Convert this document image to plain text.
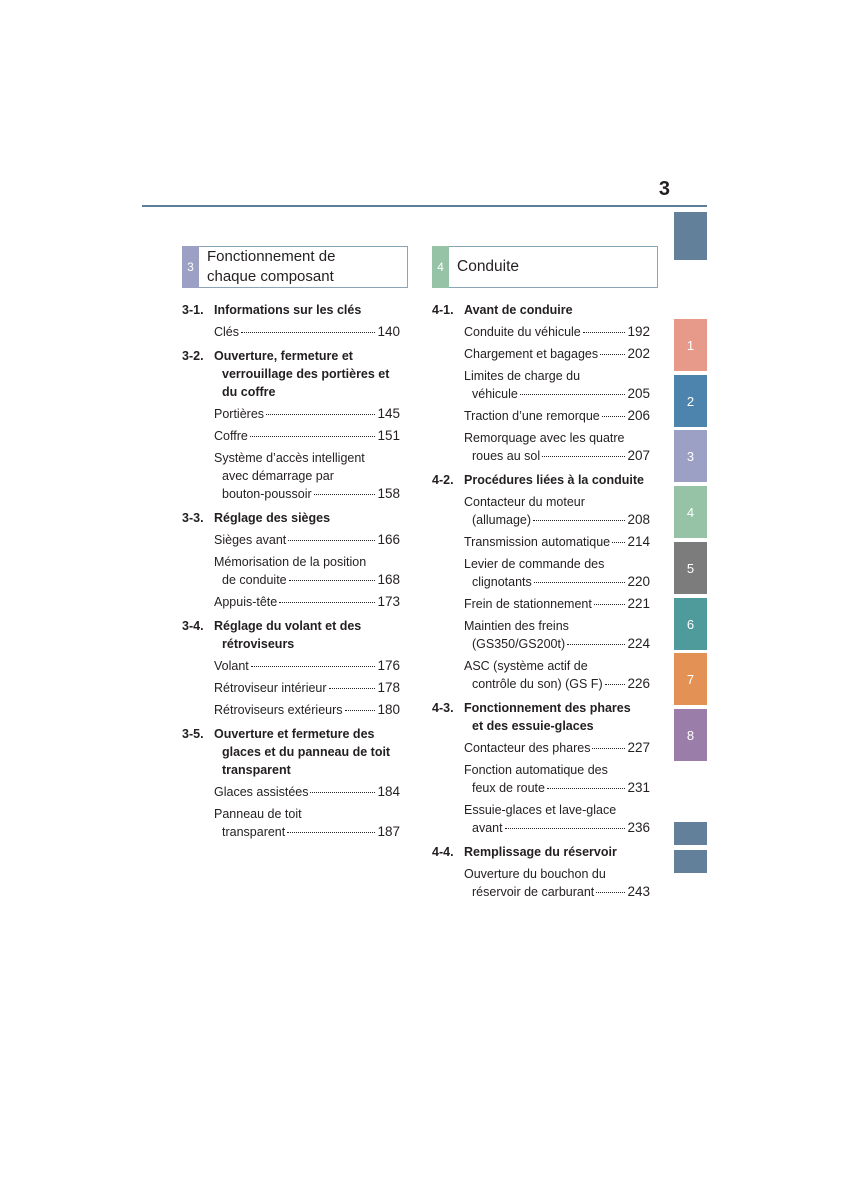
3
1
2
3
4
5
6
7
8
3
Fonctionnement de
chaque composant
4 Conduite
3-1. Informations sur les clés
Clés	140
3-2. Ouverture, fermeture et
verrouillage des portières et
du coffre
Portières	145
Coffre	151
Système d’accès intelligent
avec démarrage par
bouton-poussoir	158
3-3. Réglage des sièges
Sièges avant	166
Mémorisation de la position
de conduite	168
Appuis-tête	173
3-4. Réglage du volant et des
rétroviseurs
Volant	176
Rétroviseur intérieur	178
Rétroviseurs extérieurs	180
3-5. Ouverture et fermeture des
glaces et du panneau de toit
transparent
Glaces assistées	184
Panneau de toit
transparent	187
4-1. Avant de conduire
Conduite du véhicule	192
Chargement et bagages 202
Limites de charge du
véhicule	205
Traction d’une remorque 206
Remorquage avec les quatre
roues au sol	207
4-2. Procédures liées à la conduite
Contacteur du moteur
(allumage)	208
Transmission automatique 214
Levier de commande des
clignotants	220
Frein de stationnement	221
Maintien des freins
(GS350/GS200t)	224
ASC (système actif de
contrôle du son) (GS F) 226
4-3. Fonctionnement des phares
et des essuie-glaces
Contacteur des phares	227
Fonction automatique des
feux de route	231
Essuie-glaces et lave-glace
avant	236
4-4. Remplissage du réservoir
Ouverture du bouchon du
réservoir de carburant 243
